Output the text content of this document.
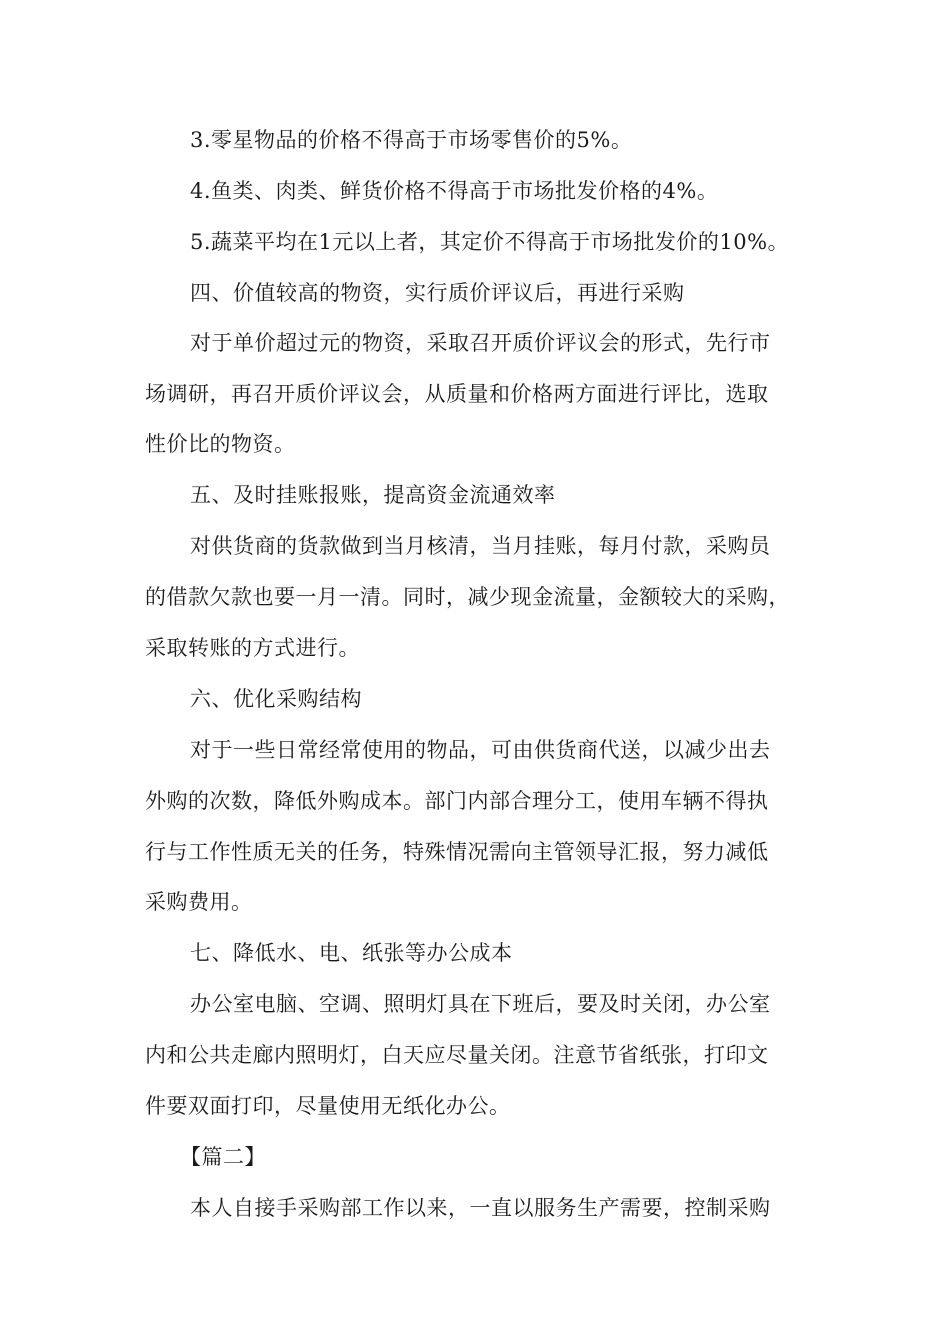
3.零星物品的价格不得高于市场零售价的5%。

4.鱼类、肉类、鲜货价格不得高于市场批发价格的4%。

5.蔬菜平均在1元以上者，其定价不得高于市场批发价的10%。

四、价值较高的物资，实行质价评议后，再进行采购

对于单价超过元的物资，采取召开质价评议会的形式，先行市

场调研，再召开质价评议会，从质量和价格两方面进行评比，选取

性价比的物资。

五、及时挂账报账，提高资金流通效率

对供货商的货款做到当月核清，当月挂账，每月付款，采购员

的借款欠款也要一月一清。同时，减少现金流量，金额较大的采购，

采取转账的方式进行。

六、优化采购结构

对于一些日常经常使用的物品，可由供货商代送，以减少出去

外购的次数，降低外购成本。部门内部合理分工，使用车辆不得执

行与工作性质无关的任务，特殊情况需向主管领导汇报，努力减低

采购费用。

七、降低水、电、纸张等办公成本

办公室电脑、空调、照明灯具在下班后，要及时关闭，办公室

内和公共走廊内照明灯，白天应尽量关闭。注意节省纸张，打印文

件要双面打印，尽量使用无纸化办公。

【篇二】

本人自接手采购部工作以来，一直以服务生产需要，控制采购
